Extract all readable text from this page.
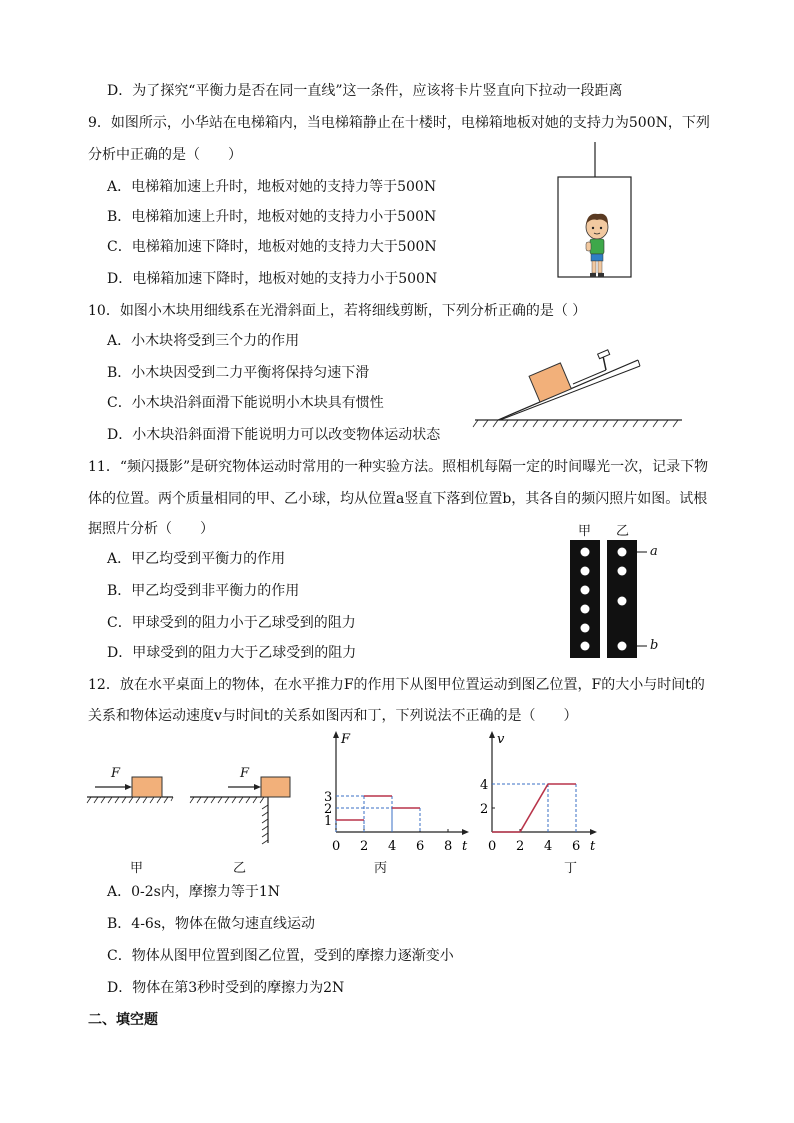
D．为了探究“平衡力是否在同一直线”这一条件，应该将卡片竖直向下拉动一段距离
9．如图所示，小华站在电梯箱内，当电梯箱静止在十楼时，电梯箱地板对她的支持力为500N，下列
分析中正确的是（　　）
A．电梯箱加速上升时，地板对她的支持力等于500N
B．电梯箱加速上升时，地板对她的支持力小于500N
C．电梯箱加速下降时，地板对她的支持力大于500N
D．电梯箱加速下降时，地板对她的支持力小于500N
10．如图小木块用细线系在光滑斜面上，若将细线剪断，下列分析正确的是（ ）
A．小木块将受到三个力的作用
B．小木块因受到二力平衡将保持匀速下滑
C．小木块沿斜面滑下能说明小木块具有惯性
D．小木块沿斜面滑下能说明力可以改变物体运动状态
11．“频闪摄影”是研究物体运动时常用的一种实验方法。照相机每隔一定的时间曝光一次，记录下物
体的位置。两个质量相同的甲、乙小球，均从位置a竖直下落到位置b，其各自的频闪照片如图。试根
据照片分析（　　）
A．甲乙均受到平衡力的作用
B．甲乙均受到非平衡力的作用
C．甲球受到的阻力小于乙球受到的阻力
D．甲球受到的阻力大于乙球受到的阻力
甲 乙
a
b
12．放在水平桌面上的物体，在水平推力F的作用下从图甲位置运动到图乙位置，F的大小与时间t的
关系和物体运动速度v与时间t的关系如图丙和丁，下列说法不正确的是（　　）
F	F
t
F
0 2 4 6 8
1
2
3
t
v
0 2 4 6
2
4
甲	乙	丙	丁
A．0-2s内，摩擦力等于1N
B．4-6s，物体在做匀速直线运动
C．物体从图甲位置到图乙位置，受到的摩擦力逐渐变小
D．物体在第3秒时受到的摩擦力为2N
二、填空题
